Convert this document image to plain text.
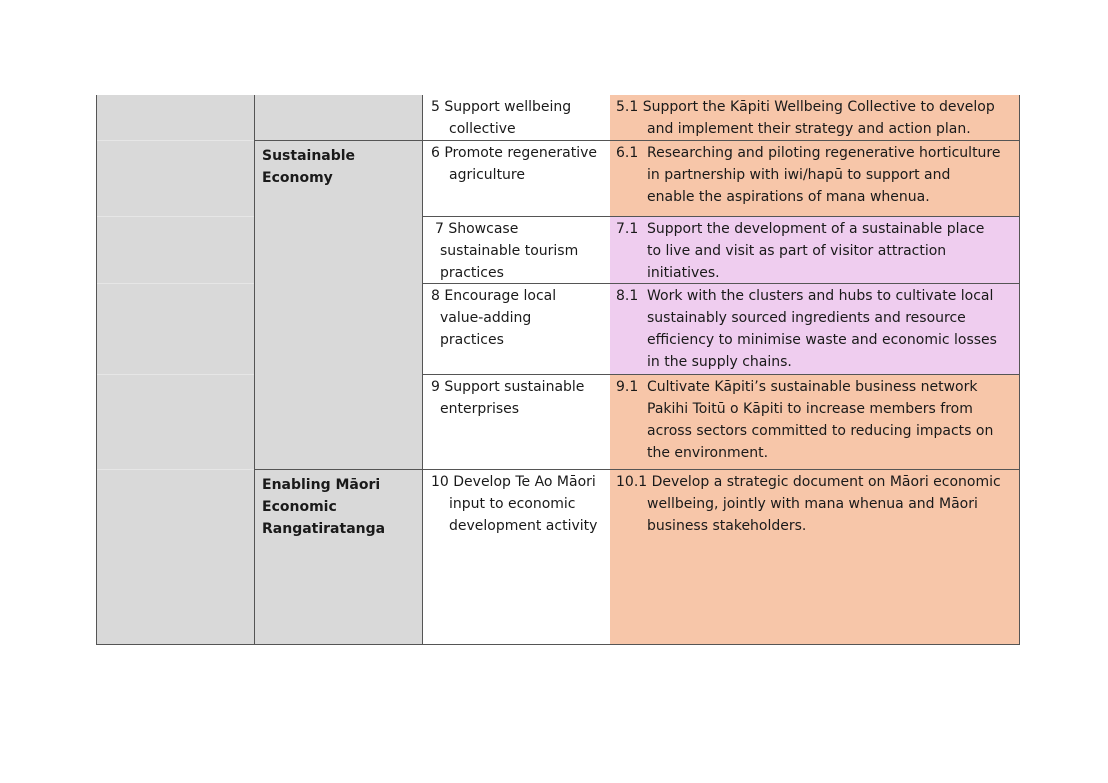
Sustainable
Economy
Enabling Māori
Economic
Rangatiratanga
5 Support wellbeing
collective
5.1 Support the Kāpiti Wellbeing Collective to develop
and implement their strategy and action plan.
6 Promote regenerative
agriculture
6.1 Researching and piloting regenerative horticulture
in partnership with iwi/hapū to support and
enable the aspirations of mana whenua.
7 Showcase
sustainable tourism
practices
7.1 Support the development of a sustainable place
to live and visit as part of visitor attraction
initiatives.
8 Encourage local
value-adding
practices
8.1 Work with the clusters and hubs to cultivate local
sustainably sourced ingredients and resource
efficiency to minimise waste and economic losses
in the supply chains.
9 Support sustainable
enterprises
9.1 Cultivate Kāpiti’s sustainable business network
Pakihi Toitū o Kāpiti to increase members from
across sectors committed to reducing impacts on
the environment.
10 Develop Te Ao Māori
input to economic
development activity
10.1 Develop a strategic document on Māori economic
wellbeing, jointly with mana whenua and Māori
business stakeholders.
